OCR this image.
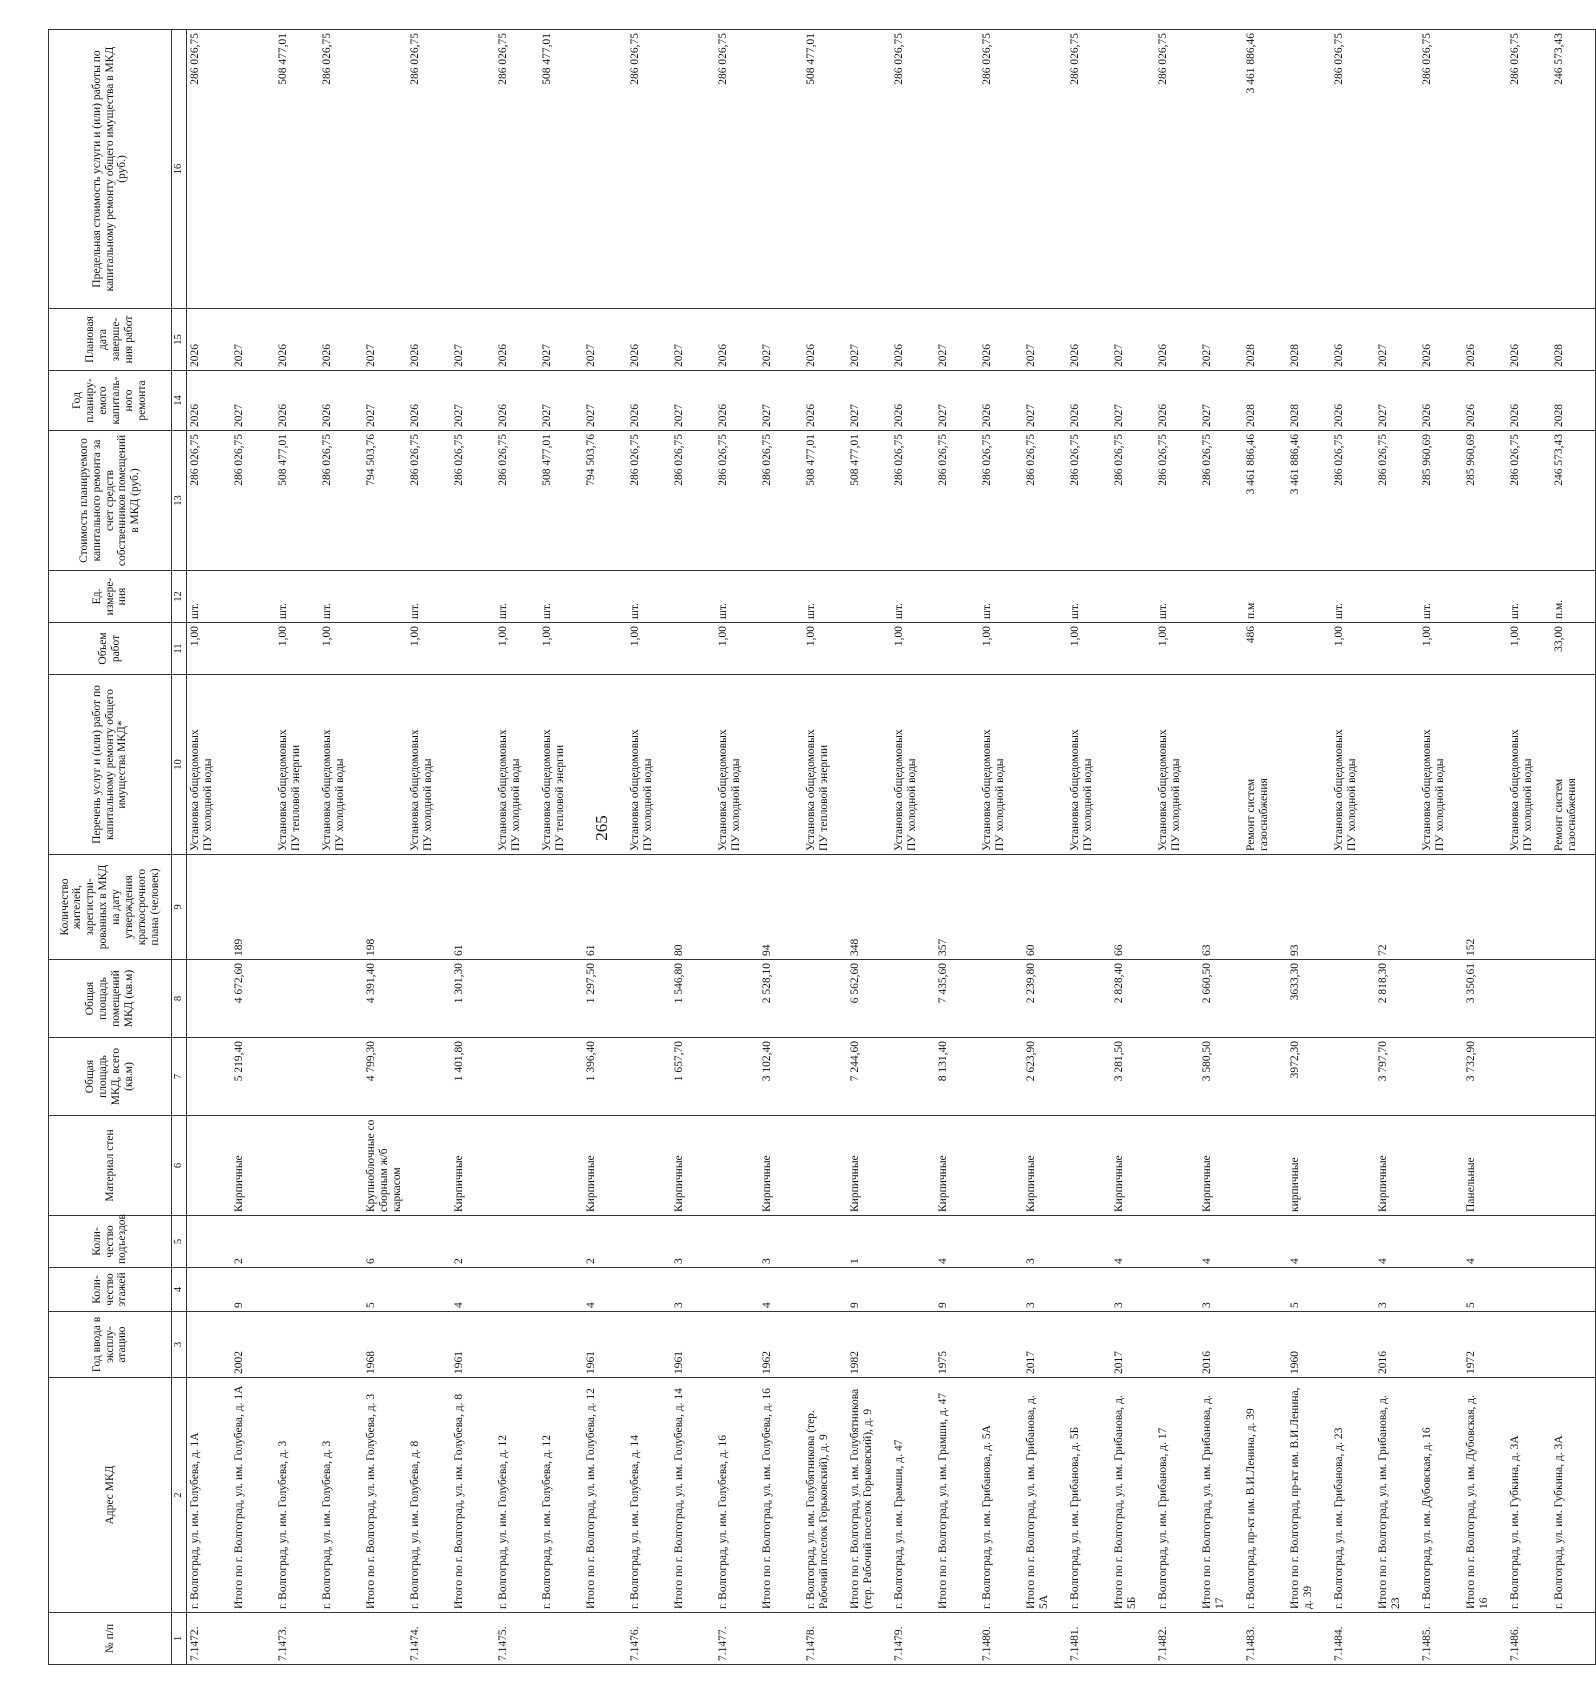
265
№ п/п	Адрес МКД	Год ввода в эксплу-атацию	Коли-чество этажей	Коли-чество подъездов	Материал стен	Общая площадь МКД, всего (кв.м)	Общая площадь помещений МКД (кв.м)	Количество жителей, зарегистри-рованных в МКД на дату утверждения краткосрочного плана (человек)	Перечень услуг и (или) работ по капитальному ремонту общего имущества МКД*	Объем работ	Ед. измере-ния	Стоимость планируемого капитального ремонта за счет средств собственников помещений в МКД (руб.)	Год планиру-емого капиталь-ного ремонта	Плановая дата заверше-ния работ	Предельная стоимость услуги и (или) работы по капитальному ремонту общего имущества в МКД (руб.)
1	2	3	4	5	6	7	8	9	10	11	12	13	14	15	16
7.1472.	г. Волгоград, ул. им. Голубева, д. 1А								Установка общедомовых
ПУ холодной воды	1,00	шт.	286 026,75	2026	2026	286 026,75
	Итого по г. Волгоград, ул. им. Голубева, д. 1А	2002	9	2	Кирпичные	5 219,40	4 672,60	189				286 026,75	2027	2027	
7.1473.	г. Волгоград, ул. им. Голубева, д. 3								Установка общедомовых
ПУ тепловой энергии	1,00	шт.	508 477,01	2026	2026	508 477,01
	г. Волгоград, ул. им. Голубева, д. 3								Установка общедомовых
ПУ холодной воды	1,00	шт.	286 026,75	2026	2026	286 026,75
	Итого по г. Волгоград, ул. им. Голубева, д. 3	1968	5	6	Крупноблочные со сборным ж/б каркасом	4 799,30	4 391,40	198				794 503,76	2027	2027	
7.1474.	г. Волгоград, ул. им. Голубева, д. 8								Установка общедомовых
ПУ холодной воды	1,00	шт.	286 026,75	2026	2026	286 026,75
	Итого по г. Волгоград, ул. им. Голубева, д. 8	1961	4	2	Кирпичные	1 401,80	1 301,30	61				286 026,75	2027	2027	
7.1475.	г. Волгоград, ул. им. Голубева, д. 12								Установка общедомовых
ПУ холодной воды	1,00	шт.	286 026,75	2026	2026	286 026,75
	г. Волгоград, ул. им. Голубева, д. 12								Установка общедомовых
ПУ тепловой энергии	1,00	шт.	508 477,01	2027	2027	508 477,01
	Итого по г. Волгоград, ул. им. Голубева, д. 12	1961	4	2	Кирпичные	1 396,40	1 297,50	61				794 503,76	2027	2027	
7.1476.	г. Волгоград, ул. им. Голубева, д. 14								Установка общедомовых
ПУ холодной воды	1,00	шт.	286 026,75	2026	2026	286 026,75
	Итого по г. Волгоград, ул. им. Голубева, д. 14	1961	3	3	Кирпичные	1 657,70	1 546,80	80				286 026,75	2027	2027	
7.1477.	г. Волгоград, ул. им. Голубева, д. 16								Установка общедомовых
ПУ холодной воды	1,00	шт.	286 026,75	2026	2026	286 026,75
	Итого по г. Волгоград, ул. им. Голубева, д. 16	1962	4	3	Кирпичные	3 102,40	2 528,10	94				286 026,75	2027	2027	
7.1478.	г. Волгоград, ул. им. Голубятникова (тер. Рабочий поселок Горьковский), д. 9								Установка общедомовых
ПУ тепловой энергии	1,00	шт.	508 477,01	2026	2026	508 477,01
	Итого по г. Волгоград, ул. им. Голубятникова (тер. Рабочий поселок Горьковский), д. 9	1982	9	1	Кирпичные	7 244,60	6 562,60	348				508 477,01	2027	2027	
7.1479.	г. Волгоград, ул. им. Грамши, д. 47								Установка общедомовых
ПУ холодной воды	1,00	шт.	286 026,75	2026	2026	286 026,75
	Итого по г. Волгоград, ул. им. Грамши, д. 47	1975	9	4	Кирпичные	8 131,40	7 435,60	357				286 026,75	2027	2027	
7.1480.	г. Волгоград, ул. им. Грибанова, д. 5А								Установка общедомовых
ПУ холодной воды	1,00	шт.	286 026,75	2026	2026	286 026,75
	Итого по г. Волгоград, ул. им. Грибанова, д. 5А	2017	3	3	Кирпичные	2 623,90	2 239,80	60				286 026,75	2027	2027	
7.1481.	г. Волгоград, ул. им. Грибанова, д. 5Б								Установка общедомовых
ПУ холодной воды	1,00	шт.	286 026,75	2026	2026	286 026,75
	Итого по г. Волгоград, ул. им. Грибанова, д. 5Б	2017	3	4	Кирпичные	3 281,50	2 828,40	66				286 026,75	2027	2027	
7.1482.	г. Волгоград, ул. им. Грибанова, д. 17								Установка общедомовых
ПУ холодной воды	1,00	шт.	286 026,75	2026	2026	286 026,75
	Итого по г. Волгоград, ул. им. Грибанова, д. 17	2016	3	4	Кирпичные	3 580,50	2 660,50	63				286 026,75	2027	2027	
7.1483.	г. Волгоград, пр-кт им. В.И.Ленина, д. 39								Ремонт систем
газоснабжения	486	п.м	3 461 886,46	2028	2028	3 461 886,46
	Итого по г. Волгоград, пр-кт им. В.И.Ленина, д. 39	1960	5	4	кирпичные	3972,30	3633,30	93				3 461 886,46	2028	2028	
7.1484.	г. Волгоград, ул. им. Грибанова, д. 23								Установка общедомовых
ПУ холодной воды	1,00	шт.	286 026,75	2026	2026	286 026,75
	Итого по г. Волгоград, ул. им. Грибанова, д. 23	2016	3	4	Кирпичные	3 797,70	2 818,30	72				286 026,75	2027	2027	
7.1485.	г. Волгоград, ул. им. Дубовская, д. 16								Установка общедомовых
ПУ холодной воды	1,00	шт.	285 960,69	2026	2026	286 026,75
	Итого по г. Волгоград, ул. им. Дубовская, д. 16	1972	5	4	Панельные	3 732,90	3 350,61	152				285 960,69	2026	2026	
7.1486.	г. Волгоград, ул. им. Губкина, д. 3А								Установка общедомовых
ПУ холодной воды	1,00	шт.	286 026,75	2026	2026	286 026,75
	г. Волгоград, ул. им. Губкина, д. 3А								Ремонт систем
газоснабжения	33,00	п.м.	246 573,43	2028	2028	246 573,43
